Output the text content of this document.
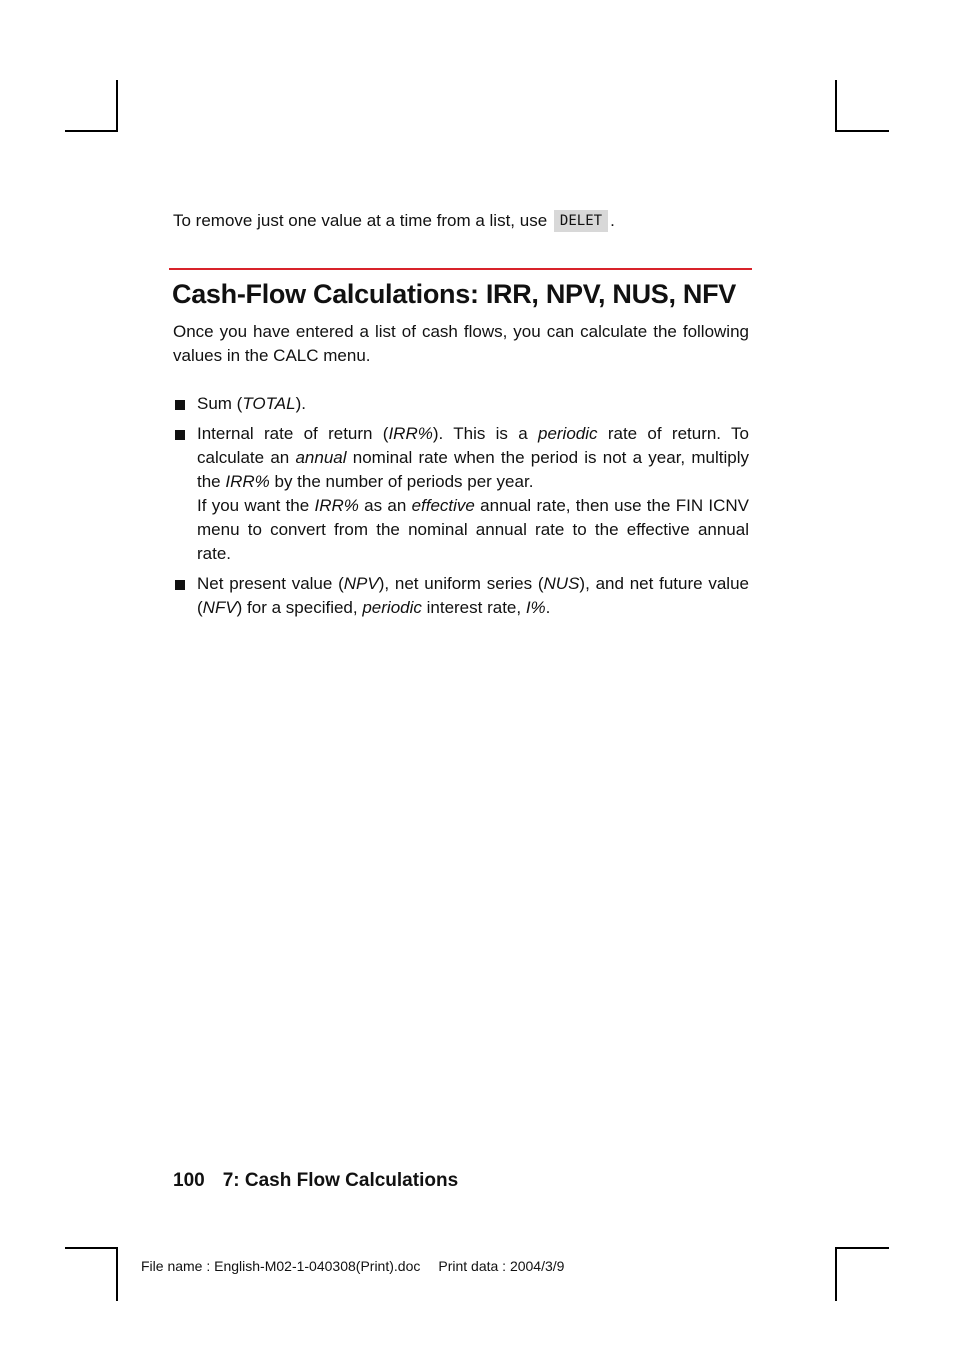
To remove just one value at a time from a list, use DELET .
Cash-Flow Calculations: IRR, NPV, NUS, NFV

Once you have entered a list of cash flows, you can calculate the following values in the CALC menu.

Sum (TOTAL).

Internal rate of return (IRR%). This is a periodic rate of return. To calculate an annual nominal rate when the period is not a year, multiply the IRR% by the number of periods per year.

If you want the IRR% as an effective annual rate, then use the FIN ICNV menu to convert from the nominal annual rate to the effective annual rate.

Net present value (NPV), net uniform series (NUS), and net future value (NFV) for a specified, periodic interest rate, I%.
100 7: Cash Flow Calculations
File name : English-M02-1-040308(Print).doc Print data : 2004/3/9
